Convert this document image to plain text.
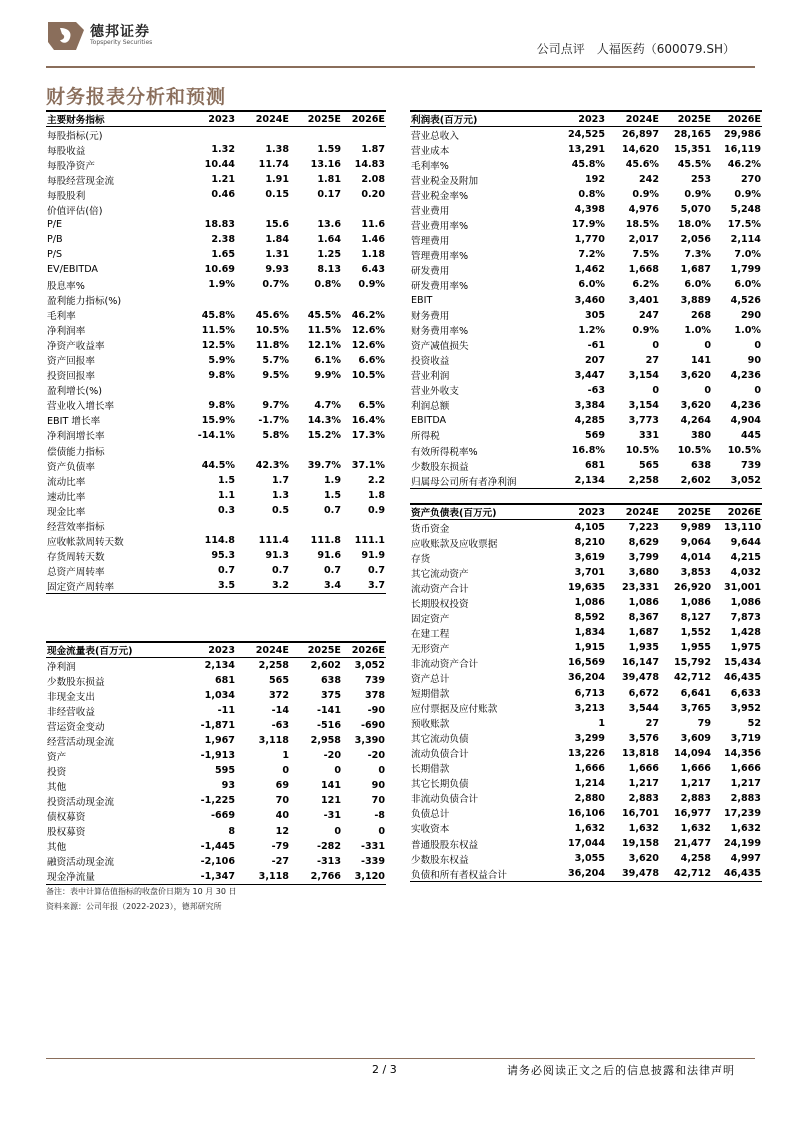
德邦证券
Topsperity Securities	公司点评 人福医药（600079.SH）
财务报表分析和预测
主要财务指标	2023	2024E	2025E	2026E
每股指标(元)				
每股收益	1.32	1.38	1.59	1.87
每股净资产	10.44	11.74	13.16	14.83
每股经营现金流	1.21	1.91	1.81	2.08
每股股利	0.46	0.15	0.17	0.20
价值评估(倍)				
P/E	18.83	15.6	13.6	11.6
P/B	2.38	1.84	1.64	1.46
P/S	1.65	1.31	1.25	1.18
EV/EBITDA	10.69	9.93	8.13	6.43
股息率%	1.9%	0.7%	0.8%	0.9%
盈利能力指标(%)				
毛利率	45.8%	45.6%	45.5%	46.2%
净利润率	11.5%	10.5%	11.5%	12.6%
净资产收益率	12.5%	11.8%	12.1%	12.6%
资产回报率	5.9%	5.7%	6.1%	6.6%
投资回报率	9.8%	9.5%	9.9%	10.5%
盈利增长(%)				
营业收入增长率	9.8%	9.7%	4.7%	6.5%
EBIT 增长率	15.9%	-1.7%	14.3%	16.4%
净利润增长率	-14.1%	5.8%	15.2%	17.3%
偿债能力指标				
资产负债率	44.5%	42.3%	39.7%	37.1%
流动比率	1.5	1.7	1.9	2.2
速动比率	1.1	1.3	1.5	1.8
现金比率	0.3	0.5	0.7	0.9
经营效率指标				
应收帐款周转天数	114.8	111.4	111.8	111.1
存货周转天数	95.3	91.3	91.6	91.9
总资产周转率	0.7	0.7	0.7	0.7
固定资产周转率	3.5	3.2	3.4	3.7
现金流量表(百万元)	2023	2024E	2025E	2026E
净利润	2,134	2,258	2,602	3,052
少数股东损益	681	565	638	739
非现金支出	1,034	372	375	378
非经营收益	-11	-14	-141	-90
营运资金变动	-1,871	-63	-516	-690
经营活动现金流	1,967	3,118	2,958	3,390
资产	-1,913	1	-20	-20
投资	595	0	0	0
其他	93	69	141	90
投资活动现金流	-1,225	70	121	70
债权募资	-669	40	-31	-8
股权募资	8	12	0	0
其他	-1,445	-79	-282	-331
融资活动现金流	-2,106	-27	-313	-339
现金净流量	-1,347	3,118	2,766	3,120
利润表(百万元)	2023	2024E	2025E	2026E
营业总收入	24,525	26,897	28,165	29,986
营业成本	13,291	14,620	15,351	16,119
毛利率%	45.8%	45.6%	45.5%	46.2%
营业税金及附加	192	242	253	270
营业税金率%	0.8%	0.9%	0.9%	0.9%
营业费用	4,398	4,976	5,070	5,248
营业费用率%	17.9%	18.5%	18.0%	17.5%
管理费用	1,770	2,017	2,056	2,114
管理费用率%	7.2%	7.5%	7.3%	7.0%
研发费用	1,462	1,668	1,687	1,799
研发费用率%	6.0%	6.2%	6.0%	6.0%
EBIT	3,460	3,401	3,889	4,526
财务费用	305	247	268	290
财务费用率%	1.2%	0.9%	1.0%	1.0%
资产减值损失	-61	0	0	0
投资收益	207	27	141	90
营业利润	3,447	3,154	3,620	4,236
营业外收支	-63	0	0	0
利润总额	3,384	3,154	3,620	4,236
EBITDA	4,285	3,773	4,264	4,904
所得税	569	331	380	445
有效所得税率%	16.8%	10.5%	10.5%	10.5%
少数股东损益	681	565	638	739
归属母公司所有者净利润	2,134	2,258	2,602	3,052
资产负债表(百万元)	2023	2024E	2025E	2026E
货币资金	4,105	7,223	9,989	13,110
应收账款及应收票据	8,210	8,629	9,064	9,644
存货	3,619	3,799	4,014	4,215
其它流动资产	3,701	3,680	3,853	4,032
流动资产合计	19,635	23,331	26,920	31,001
长期股权投资	1,086	1,086	1,086	1,086
固定资产	8,592	8,367	8,127	7,873
在建工程	1,834	1,687	1,552	1,428
无形资产	1,915	1,935	1,955	1,975
非流动资产合计	16,569	16,147	15,792	15,434
资产总计	36,204	39,478	42,712	46,435
短期借款	6,713	6,672	6,641	6,633
应付票据及应付账款	3,213	3,544	3,765	3,952
预收账款	1	27	79	52
其它流动负债	3,299	3,576	3,609	3,719
流动负债合计	13,226	13,818	14,094	14,356
长期借款	1,666	1,666	1,666	1,666
其它长期负债	1,214	1,217	1,217	1,217
非流动负债合计	2,880	2,883	2,883	2,883
负债总计	16,106	16,701	16,977	17,239
实收资本	1,632	1,632	1,632	1,632
普通股股东权益	17,044	19,158	21,477	24,199
少数股东权益	3,055	3,620	4,258	4,997
负债和所有者权益合计	36,204	39,478	42,712	46,435
备注：表中计算估值指标的收盘价日期为 10 月 30 日
资料来源：公司年报（2022-2023），德邦研究所
2 / 3	请务必阅读正文之后的信息披露和法律声明
